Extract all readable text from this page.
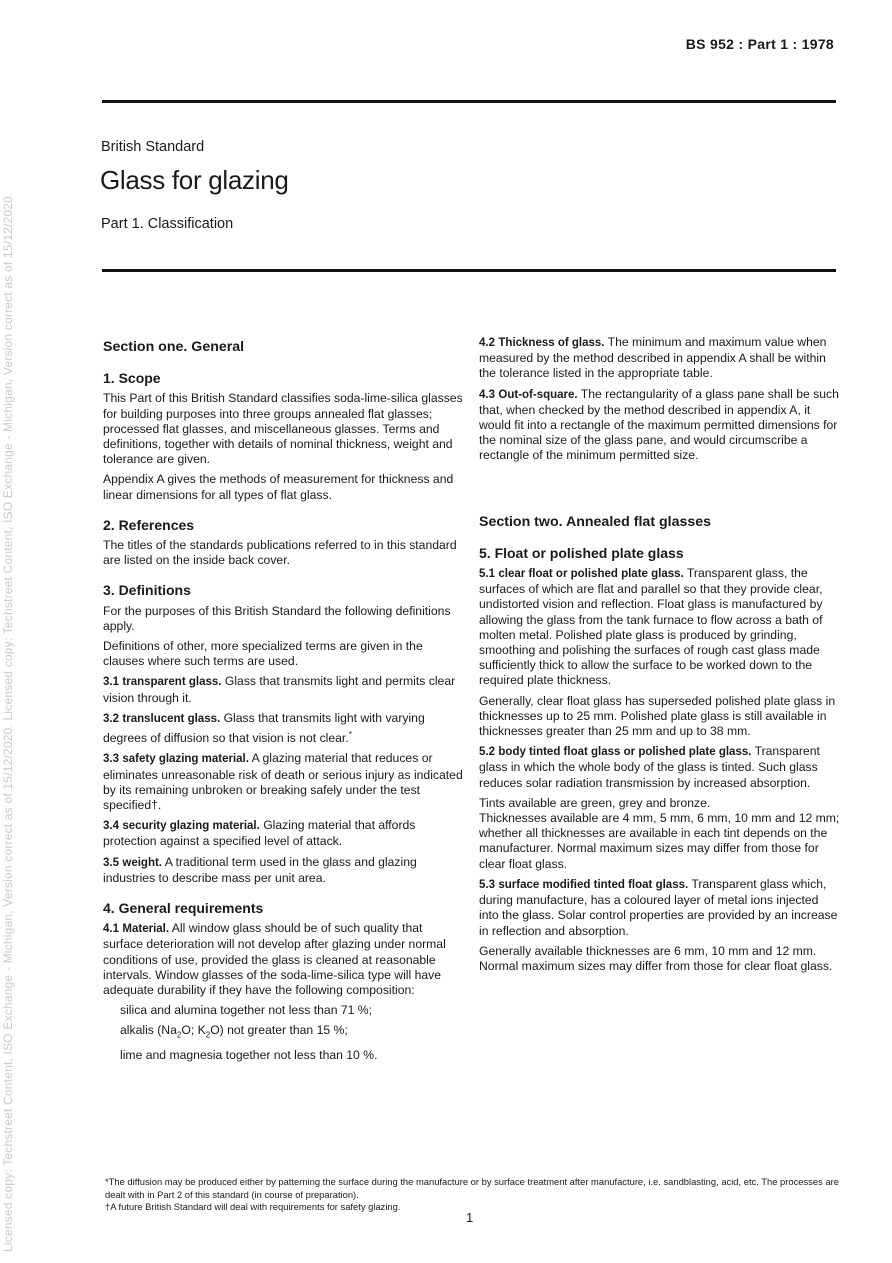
Licensed copy: Techstreet Content, ISO Exchange - Michigan, Version correct as of 15/12/2020. Licensed copy: Techstreet Content, ISO Exchange - Michigan, Version correct as of 15/12/2020.
BS 952 : Part 1 : 1978
British Standard
Glass for glazing
Part 1. Classification
Section one. General
1. Scope

This Part of this British Standard classifies soda-lime-silica glasses for building purposes into three groups annealed flat glasses; processed flat glasses, and miscellaneous glasses. Terms and definitions, together with details of nominal thickness, weight and tolerance are given.

Appendix A gives the methods of measurement for thickness and linear dimensions for all types of flat glass.

2. References

The titles of the standards publications referred to in this standard are listed on the inside back cover.

3. Definitions

For the purposes of this British Standard the following definitions apply.

Definitions of other, more specialized terms are given in the clauses where such terms are used.

3.1 transparent glass. Glass that transmits light and permits clear vision through it.

3.2 translucent glass. Glass that transmits light with varying degrees of diffusion so that vision is not clear.*

3.3 safety glazing material. A glazing material that reduces or eliminates unreasonable risk of death or serious injury as indicated by its remaining unbroken or breaking safely under the test specified†.

3.4 security glazing material. Glazing material that affords protection against a specified level of attack.

3.5 weight. A traditional term used in the glass and glazing industries to describe mass per unit area.

4. General requirements

4.1 Material. All window glass should be of such quality that surface deterioration will not develop after glazing under normal conditions of use, provided the glass is cleaned at reasonable intervals. Window glasses of the soda-lime-silica type will have adequate durability if they have the following composition:

silica and alumina together not less than 71 %;
alkalis ($Na_2O$; $K_2O$) not greater than 15 %;
lime and magnesia together not less than 10 %.

4.2 Thickness of glass. The minimum and maximum value when measured by the method described in appendix A shall be within the tolerance listed in the appropriate table.

4.3 Out-of-square. The rectangularity of a glass pane shall be such that, when checked by the method described in appendix A, it would fit into a rectangle of the maximum permitted dimensions for the nominal size of the glass pane, and would circumscribe a rectangle of the minimum permitted size.

Section two. Annealed flat glasses
5. Float or polished plate glass

5.1 clear float or polished plate glass. Transparent glass, the surfaces of which are flat and parallel so that they provide clear, undistorted vision and reflection. Float glass is manufactured by allowing the glass from the tank furnace to flow across a bath of molten metal. Polished plate glass is produced by grinding, smoothing and polishing the surfaces of rough cast glass made sufficiently thick to allow the surface to be worked down to the required plate thickness.

Generally, clear float glass has superseded polished plate glass in thicknesses up to 25 mm. Polished plate glass is still available in thicknesses greater than 25 mm and up to 38 mm.

5.2 body tinted float glass or polished plate glass. Transparent glass in which the whole body of the glass is tinted. Such glass reduces solar radiation transmission by increased absorption.

Tints available are green, grey and bronze.

Thicknesses available are 4 mm, 5 mm, 6 mm, 10 mm and 12 mm; whether all thicknesses are available in each tint depends on the manufacturer. Normal maximum sizes may differ from those for clear float glass.

5.3 surface modified tinted float glass. Transparent glass which, during manufacture, has a coloured layer of metal ions injected into the glass. Solar control properties are provided by an increase in reflection and absorption.

Generally available thicknesses are 6 mm, 10 mm and 12 mm. Normal maximum sizes may differ from those for clear float glass.

*The diffusion may be produced either by patterning the surface during the manufacture or by surface treatment after manufacture, i.e. sandblasting, acid, etc. The processes are dealt with in Part 2 of this standard (in course of preparation).
†A future British Standard will deal with requirements for safety glazing.
1
